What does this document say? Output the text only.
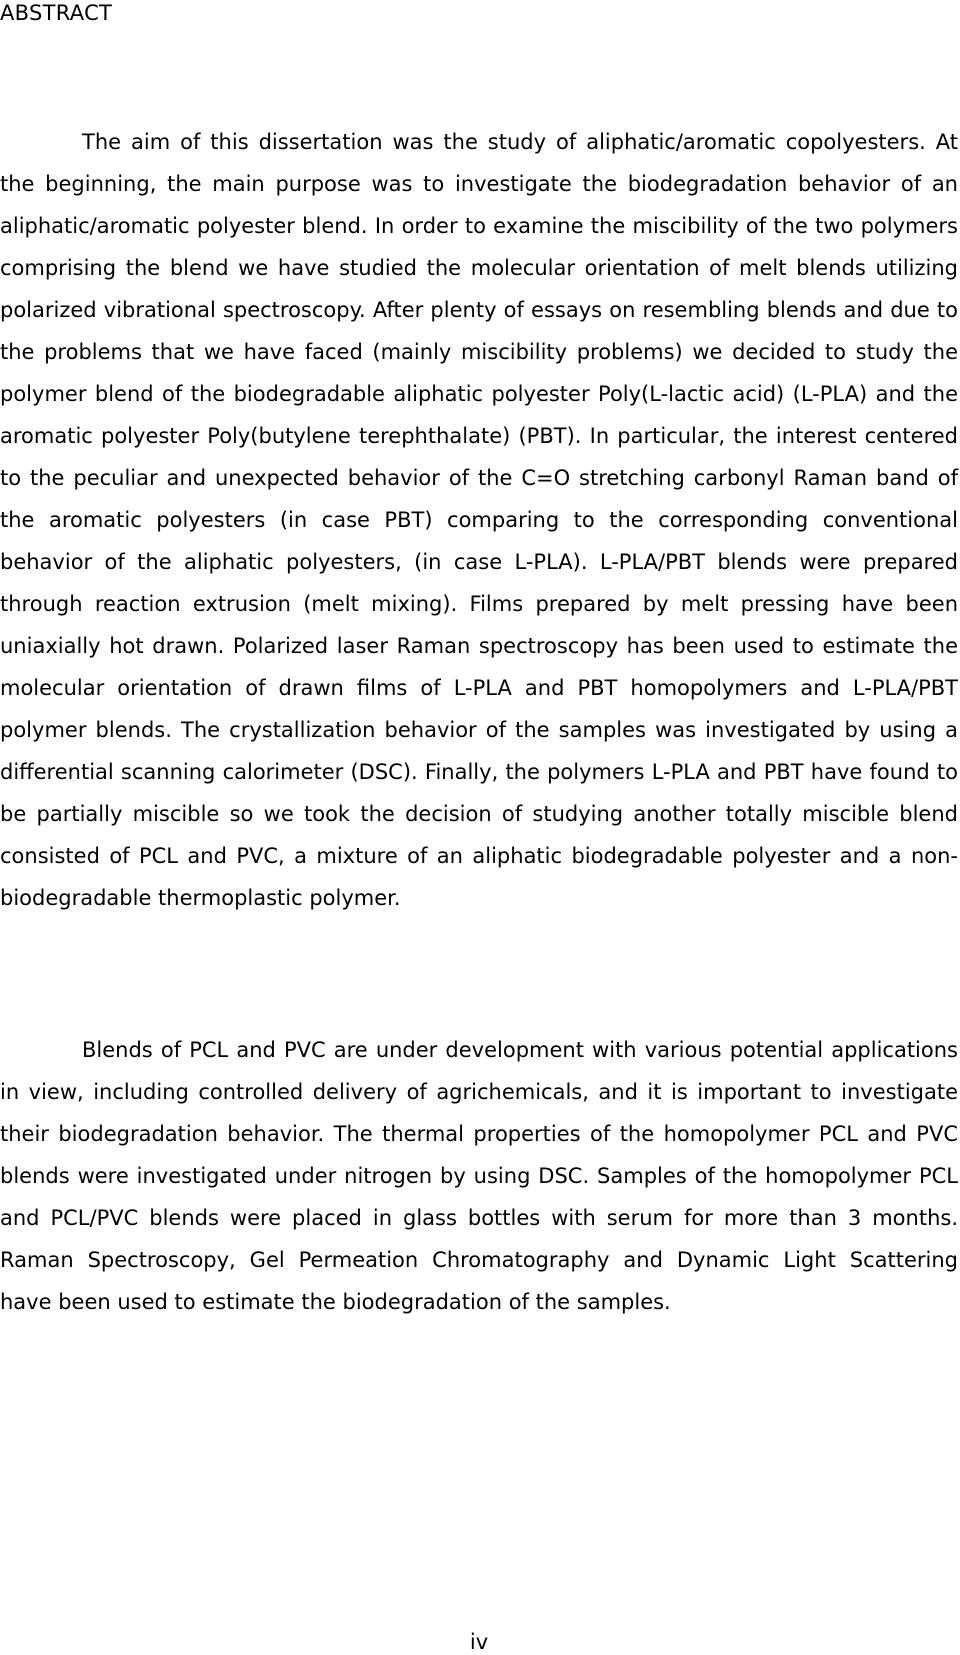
ABSTRACT

The aim of this dissertation was the study of aliphatic/aromatic copolyesters. At the beginning, the main purpose was to investigate the biodegradation behavior of an aliphatic/aromatic polyester blend. In order to examine the miscibility of the two polymers comprising the blend we have studied the molecular orientation of melt blends utilizing polarized vibrational spectroscopy. After plenty of essays on resembling blends and due to the problems that we have faced (mainly miscibility problems) we decided to study the polymer blend of the biodegradable aliphatic polyester Poly(L-lactic acid) (L-PLA) and the aromatic polyester Poly(butylene terephthalate) (PBT). In particular, the interest centered to the peculiar and unexpected behavior of the C=O stretching carbonyl Raman band of the aromatic polyesters (in case PBT) comparing to the corresponding conventional behavior of the aliphatic polyesters, (in case L-PLA). L-PLA/PBT blends were prepared through reaction extrusion (melt mixing). Films prepared by melt pressing have been uniaxially hot drawn. Polarized laser Raman spectroscopy has been used to estimate the molecular orientation of drawn films of L-PLA and PBT homopolymers and L-PLA/PBT polymer blends. The crystallization behavior of the samples was investigated by using a differential scanning calorimeter (DSC). Finally, the polymers L-PLA and PBT have found to be partially miscible so we took the decision of studying another totally miscible blend consisted of PCL and PVC, a mixture of an aliphatic biodegradable polyester and a non-biodegradable thermoplastic polymer.

Blends of PCL and PVC are under development with various potential applications in view, including controlled delivery of agrichemicals, and it is important to investigate their biodegradation behavior. The thermal properties of the homopolymer PCL and PVC blends were investigated under nitrogen by using DSC. Samples of the homopolymer PCL and PCL/PVC blends were placed in glass bottles with serum for more than 3 months. Raman Spectroscopy, Gel Permeation Chromatography and Dynamic Light Scattering have been used to estimate the biodegradation of the samples.

iv
